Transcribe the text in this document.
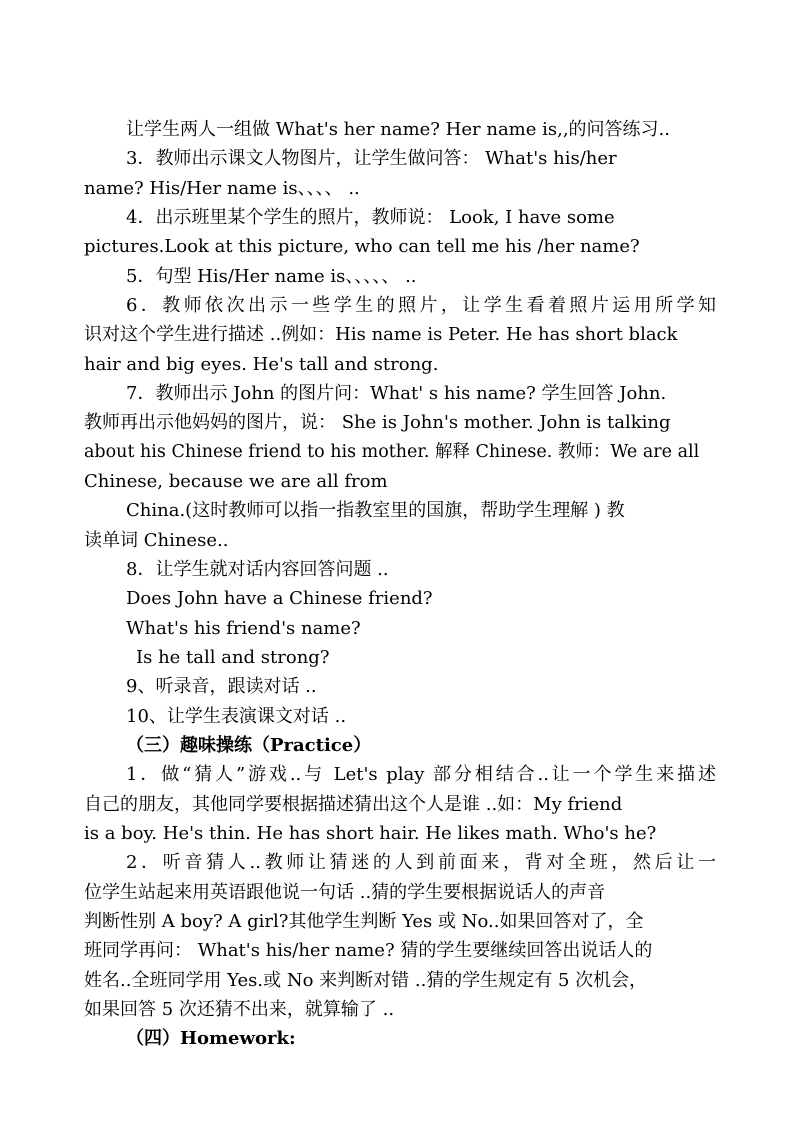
让学生两人一组做 What's her name? Her name is,,的问答练习..
3．教师出示课文人物图片，让学生做问答： What's his/her
name? His/Her name is、、、、 ..
4．出示班里某个学生的照片，教师说： Look, I have some
pictures.Look at this picture, who can tell me his /her name?
5．句型 His/Her name is、、、、、 ..
6．教师依次出示一些学生的照片，让学生看着照片运用所学知
识对这个学生进行描述 ..例如：His name is Peter. He has short black
hair and big eyes. He's tall and strong.
7．教师出示 John 的图片问：What' s his name? 学生回答 John.
教师再出示他妈妈的图片，说： She is John's mother. John is talking
about his Chinese friend to his mother. 解释 Chinese. 教师：We are all
Chinese, because we are all from
China.(这时教师可以指一指教室里的国旗，帮助学生理解 ) 教
读单词 Chinese..
8．让学生就对话内容回答问题 ..
Does John have a Chinese friend?
What's his friend's name?
Is he tall and strong?
9、听录音，跟读对话 ..
10、让学生表演课文对话 ..
（三）趣味操练（Practice）
1．做“猜人”游戏..与 Let's play 部分相结合..让一个学生来描述
自己的朋友，其他同学要根据描述猜出这个人是谁 ..如：My friend
is a boy. He's thin. He has short hair. He likes math. Who's he?
2．听音猜人..教师让猜迷的人到前面来，背对全班，然后让一
位学生站起来用英语跟他说一句话 ..猜的学生要根据说话人的声音
判断性别 A boy? A girl?其他学生判断 Yes 或 No..如果回答对了，全
班同学再问： What's his/her name? 猜的学生要继续回答出说话人的
姓名..全班同学用 Yes.或 No 来判断对错 ..猜的学生规定有 5 次机会，
如果回答 5 次还猜不出来，就算输了 ..
（四）Homework:
